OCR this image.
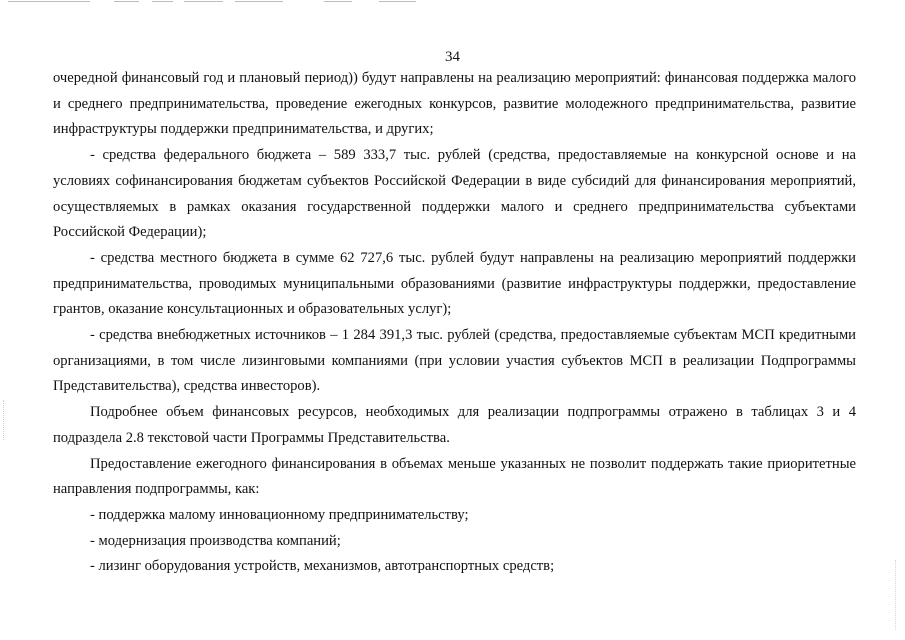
34

очередной финансовый год и плановый период)) будут направлены на реализацию мероприятий: финансовая поддержка малого и среднего предпринимательства, проведение ежегодных конкурсов, развитие молодежного предпринимательства, развитие инфраструктуры поддержки предпринимательства, и других;

- средства федерального бюджета – 589 333,7 тыс. рублей (средства, предоставляемые на конкурсной основе и на условиях софинансирования бюджетам субъектов Российской Федерации в виде субсидий для финансирования мероприятий, осуществляемых в рамках оказания государственной поддержки малого и среднего предпринимательства субъектами Российской Федерации);

- средства местного бюджета в сумме 62 727,6 тыс. рублей будут направлены на реализацию мероприятий поддержки предпринимательства, проводимых муниципальными образованиями (развитие инфраструктуры поддержки, предоставление грантов, оказание консультационных и образовательных услуг);

- средства внебюджетных источников – 1 284 391,3 тыс. рублей (средства, предоставляемые субъектам МСП кредитными организациями, в том числе лизинговыми компаниями (при условии участия субъектов МСП в реализации Подпрограммы Представительства), средства инвесторов).

Подробнее объем финансовых ресурсов, необходимых для реализации подпрограммы отражено в таблицах 3 и 4 подраздела 2.8 текстовой части Программы Представительства.

Предоставление ежегодного финансирования в объемах меньше указанных не позволит поддержать такие приоритетные направления подпрограммы, как:

- поддержка малому инновационному предпринимательству;

- модернизация производства компаний;

- лизинг оборудования устройств, механизмов, автотранспортных средств;
